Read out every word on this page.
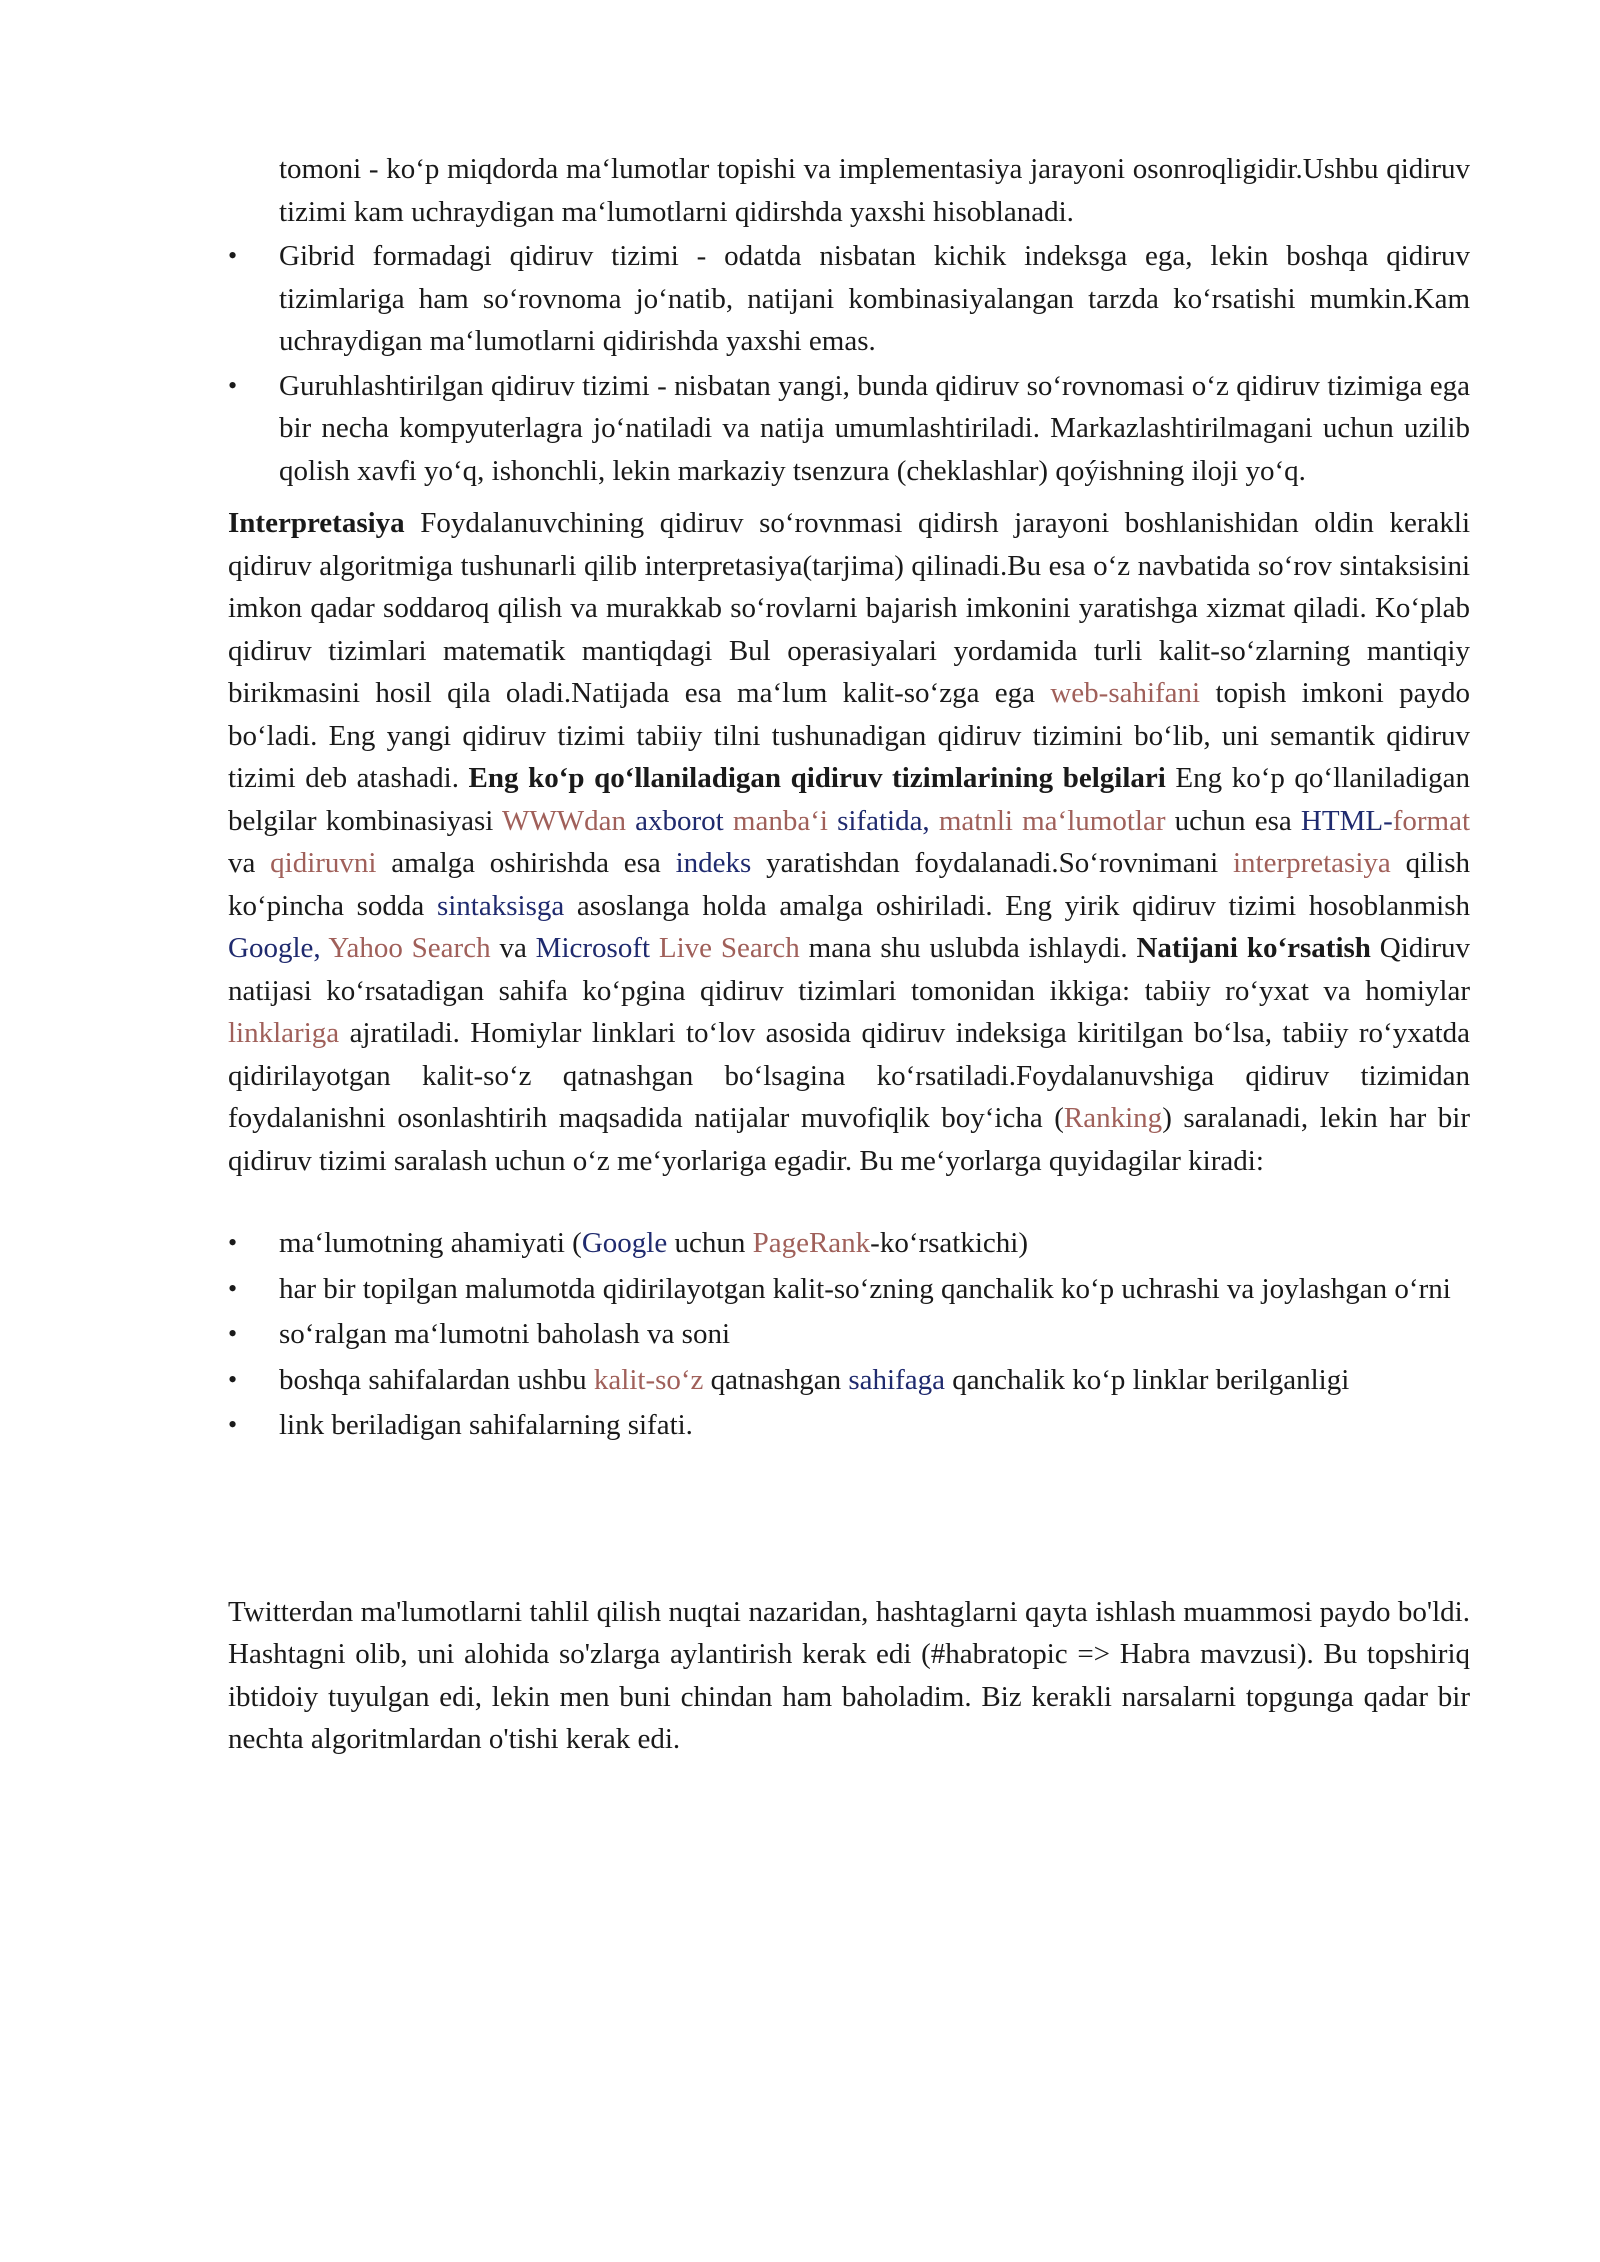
tomoni - ko‘p miqdorda ma‘lumotlar topishi va implementasiya jarayoni osonroqligidir.Ushbu qidiruv tizimi kam uchraydigan ma‘lumotlarni qidirshda yaxshi hisoblanadi.
• Gibrid formadagi qidiruv tizimi - odatda nisbatan kichik indeksga ega, lekin boshqa qidiruv tizimlariga ham so‘rovnoma jo‘natib, natijani kombinasiyalangan tarzda ko‘rsatishi mumkin.Kam uchraydigan ma‘lumotlarni qidirishda yaxshi emas.
• Guruhlashtirilgan qidiruv tizimi - nisbatan yangi, bunda qidiruv so‘rovnomasi o‘z qidiruv tizimiga ega bir necha kompyuterlagra jo‘natiladi va natija umumlashtiriladi. Markazlashtirilmagani uchun uzilib qolish xavfi yo‘q, ishonchli, lekin markaziy tsenzura (cheklashlar) qoýishning iloji yo‘q.

Interpretasiya Foydalanuvchining qidiruv so‘rovnmasi qidirsh jarayoni boshlanishidan oldin kerakli qidiruv algoritmiga tushunarli qilib interpretasiya(tarjima) qilinadi.Bu esa o‘z navbatida so‘rov sintaksisini imkon qadar soddaroq qilish va murakkab so‘rovlarni bajarish imkonini yaratishga xizmat qiladi. Ko‘plab qidiruv tizimlari matematik mantiqdagi Bul operasiyalari yordamida turli kalit-so‘zlarning mantiqiy birikmasini hosil qila oladi.Natijada esa ma‘lum kalit-so‘zga ega web-sahifani topish imkoni paydo bo‘ladi. Eng yangi qidiruv tizimi tabiiy tilni tushunadigan qidiruv tizimini bo‘lib, uni semantik qidiruv tizimi deb atashadi. Eng ko‘p qo‘llaniladigan qidiruv tizimlarining belgilari Eng ko‘p qo‘llaniladigan belgilar kombinasiyasi WWWdan axborot manba‘i sifatida, matnli ma‘lumotlar uchun esa HTML-format va qidiruvni amalga oshirishda esa indeks yaratishdan foydalanadi.So‘rovnimani interpretasiya qilish ko‘pincha sodda sintaksisga asoslanga holda amalga oshiriladi. Eng yirik qidiruv tizimi hosoblanmish Google, Yahoo Search va Microsoft Live Search mana shu uslubda ishlaydi. Natijani ko‘rsatish Qidiruv natijasi ko‘rsatadigan sahifa ko‘pgina qidiruv tizimlari tomonidan ikkiga: tabiiy ro‘yxat va homiylar linklariga ajratiladi. Homiylar linklari to‘lov asosida qidiruv indeksiga kiritilgan bo‘lsa, tabiiy ro‘yxatda qidirilayotgan kalit-so‘z qatnashgan bo‘lsagina ko‘rsatiladi.Foydalanuvshiga qidiruv tizimidan foydalanishni osonlashtirih maqsadida natijalar muvofiqlik boy‘icha (Ranking) saralanadi, lekin har bir qidiruv tizimi saralash uchun o‘z me‘yorlariga egadir. Bu me‘yorlarga quyidagilar kiradi:

• ma‘lumotning ahamiyati (Google uchun PageRank-ko‘rsatkichi)
• har bir topilgan malumotda qidirilayotgan kalit-so‘zning qanchalik ko‘p uchrashi va joylashgan o‘rni
• so‘ralgan ma‘lumotni baholash va soni
• boshqa sahifalardan ushbu kalit-so‘z qatnashgan sahifaga qanchalik ko‘p linklar berilganligi
• link beriladigan sahifalarning sifati.

Twitterdan ma'lumotlarni tahlil qilish nuqtai nazaridan, hashtaglarni qayta ishlash muammosi paydo bo'ldi. Hashtagni olib, uni alohida so'zlarga aylantirish kerak edi (#habratopic => Habra mavzusi). Bu topshiriq ibtidoiy tuyulgan edi, lekin men buni chindan ham baholadim. Biz kerakli narsalarni topgunga qadar bir nechta algoritmlardan o'tishi kerak edi.
